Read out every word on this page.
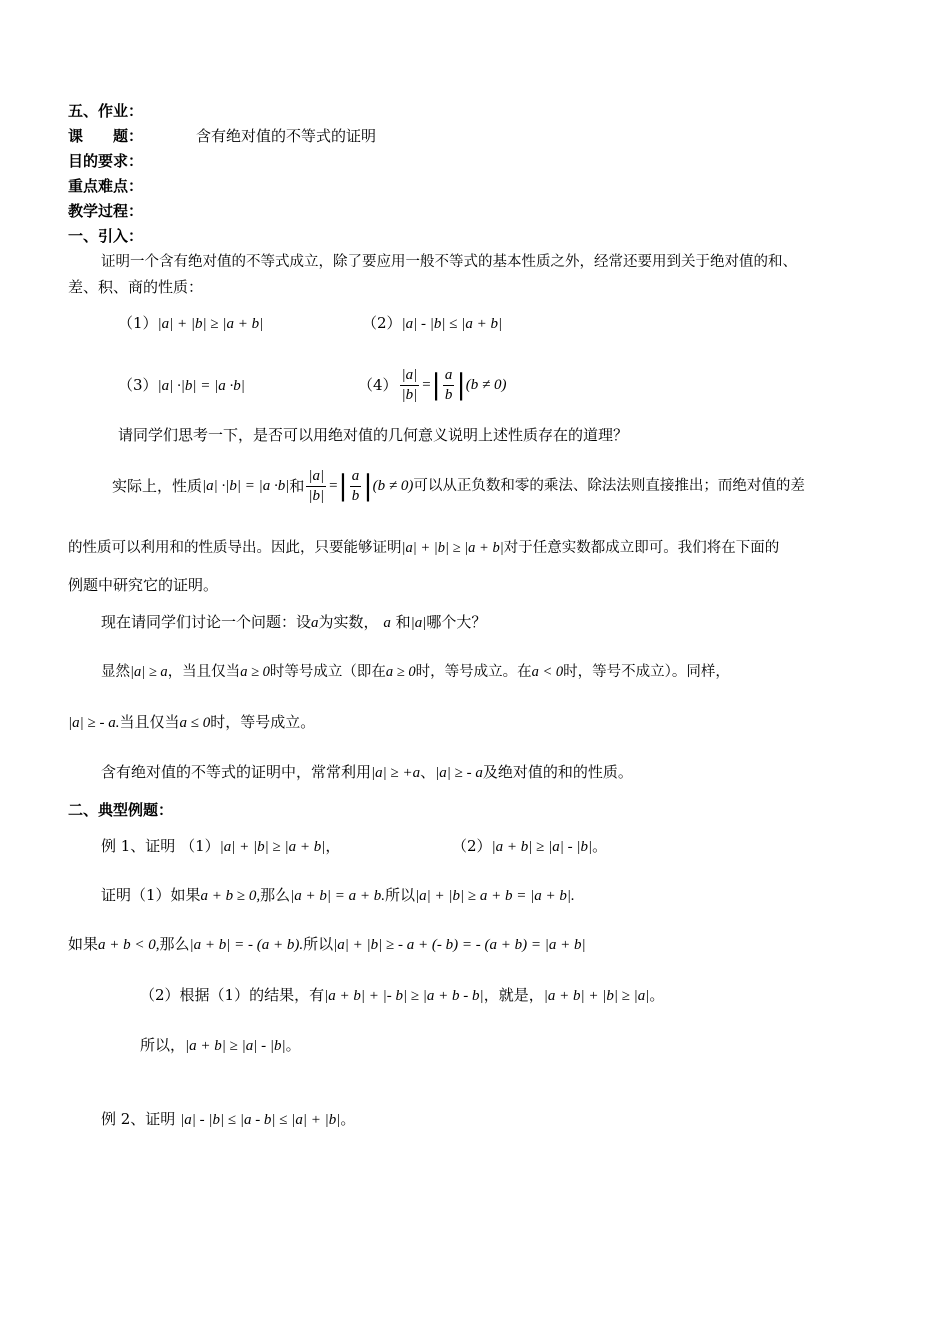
五、作业：
课　　题：	含有绝对值的不等式的证明
目的要求：
重点难点：
教学过程：
一、引入：
证明一个含有绝对值的不等式成立，除了要应用一般不等式的基本性质之外，经常还要用到关于绝对值的和、
差、积、商的性质：
（1）|a| + |b| ≥ |a + b|	（2）|a| - |b| ≤ |a + b|
（3）|a| ·|b| = |a ·b|	$(4) \frac{|a|}{|b|}$ = | $\frac{a}{b}$ | (b ≠ 0)
请同学们思考一下，是否可以用绝对值的几何意义说明上述性质存在的道理？
实际上，性质 |a| ·|b| = |a ·b| 和 $\frac{|a|}{|b|}$ = | $\frac{a}{b}$ | (b ≠ 0) 可以从正负数和零的乘法、除法法则直接推出；而绝对值的差
的性质可以利用和的性质导出。因此，只要能够证明|a| + |b| ≥ |a + b|对于任意实数都成立即可。我们将在下面的
例题中研究它的证明。
现在请同学们讨论一个问题：设a为实数， a 和|a|哪个大？
显然|a| ≥ a，当且仅当a ≥ 0时等号成立（即在a ≥ 0时，等号成立。在a < 0时，等号不成立）。同样，
|a| ≥ - a.当且仅当a ≤ 0时，等号成立。
含有绝对值的不等式的证明中，常常利用|a| ≥ +a、|a| ≥ - a及绝对值的和的性质。
二、典型例题：
例 1、证明 （1）|a| + |b| ≥ |a + b|，	（2）|a + b| ≥ |a| - |b|。
证明（1）如果a + b ≥ 0,那么|a + b| = a + b.所以|a| + |b| ≥ a + b = |a + b|.
如果a + b < 0,那么|a + b| = - (a + b).所以|a| + |b| ≥ - a + (- b) = - (a + b) = |a + b|
（2）根据（1）的结果，有|a + b| + |- b| ≥ |a + b - b|，就是，|a + b| + |b| ≥ |a|。
所以，|a + b| ≥ |a| - |b|。
例 2、证明 |a| - |b| ≤ |a - b| ≤ |a| + |b|。
